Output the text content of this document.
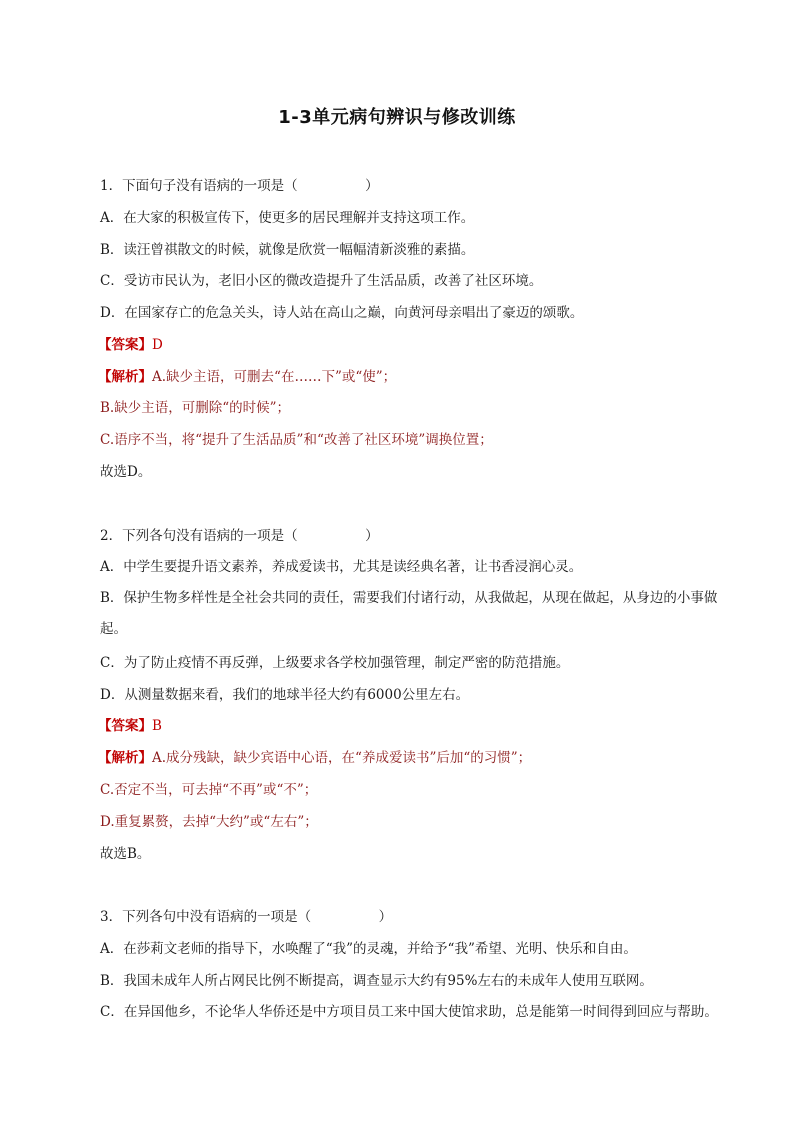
1-3单元病句辨识与修改训练
1．下面句子没有语病的一项是（　　　　　）
A．在大家的积极宣传下，使更多的居民理解并支持这项工作。
B．读汪曾祺散文的时候，就像是欣赏一幅幅清新淡雅的素描。
C．受访市民认为，老旧小区的微改造提升了生活品质，改善了社区环境。
D．在国家存亡的危急关头，诗人站在高山之巅，向黄河母亲唱出了豪迈的颂歌。
【答案】D
【解析】A.缺少主语，可删去“在……下”或“使”；
B.缺少主语，可删除“的时候”；
C.语序不当，将“提升了生活品质”和“改善了社区环境”调换位置；
故选D。
2．下列各句没有语病的一项是（　　　　　）
A．中学生要提升语文素养，养成爱读书，尤其是读经典名著，让书香浸润心灵。
B．保护生物多样性是全社会共同的责任，需要我们付诸行动，从我做起，从现在做起，从身边的小事做起。
C．为了防止疫情不再反弹，上级要求各学校加强管理，制定严密的防范措施。
D．从测量数据来看，我们的地球半径大约有6000公里左右。
【答案】B
【解析】A.成分残缺，缺少宾语中心语，在“养成爱读书”后加“的习惯”；
C.否定不当，可去掉“不再”或“不”；
D.重复累赘，去掉“大约”或“左右”；
故选B。
3．下列各句中没有语病的一项是（　　　　　）
A．在莎莉文老师的指导下，水唤醒了“我”的灵魂，并给予“我”希望、光明、快乐和自由。
B．我国未成年人所占网民比例不断提高，调查显示大约有95%左右的未成年人使用互联网。
C．在异国他乡，不论华人华侨还是中方项目员工来中国大使馆求助，总是能第一时间得到回应与帮助。
